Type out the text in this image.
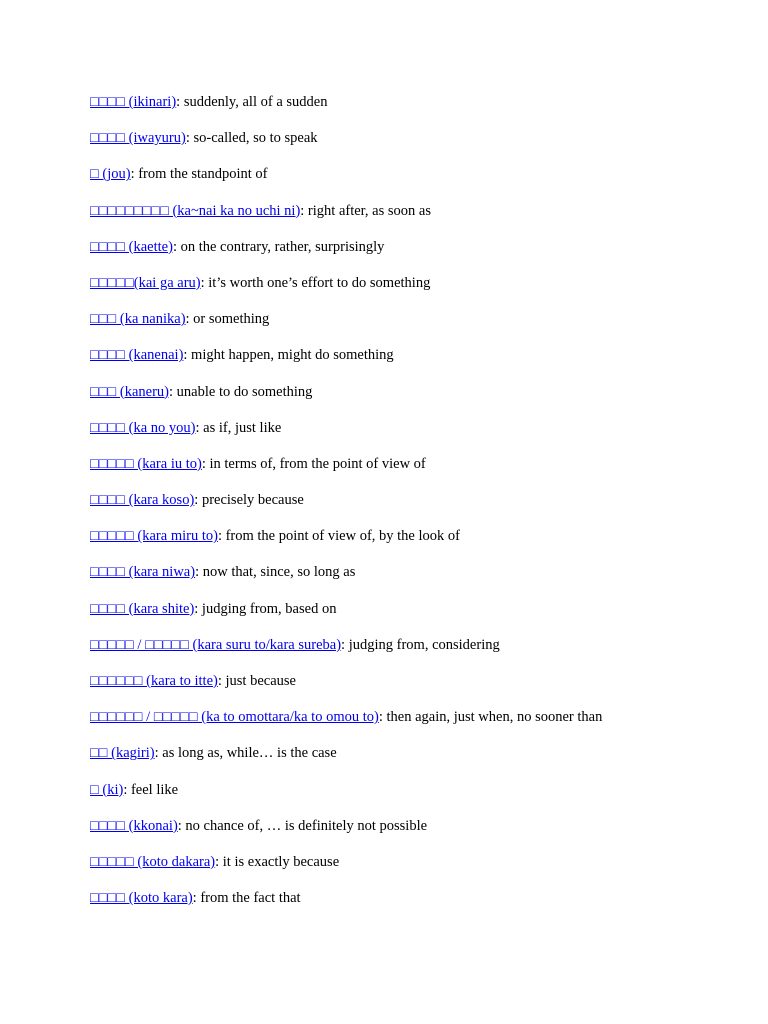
□□□□ (ikinari): suddenly, all of a sudden
□□□□ (iwayuru): so-called, so to speak
□ (jou): from the standpoint of
□□□□□□□□□ (ka~nai ka no uchi ni): right after, as soon as
□□□□ (kaette): on the contrary, rather, surprisingly
□□□□□(kai ga aru): it’s worth one’s effort to do something
□□□ (ka nanika): or something
□□□□ (kanenai): might happen, might do something
□□□ (kaneru): unable to do something
□□□□ (ka no you): as if, just like
□□□□□ (kara iu to): in terms of, from the point of view of
□□□□ (kara koso): precisely because
□□□□□ (kara miru to): from the point of view of, by the look of
□□□□ (kara niwa): now that, since, so long as
□□□□ (kara shite): judging from, based on
□□□□□ / □□□□□ (kara suru to/kara sureba): judging from, considering
□□□□□□ (kara to itte): just because
□□□□□□ / □□□□□ (ka to omottara/ka to omou to): then again, just when, no sooner than
□□ (kagiri): as long as, while… is the case
□ (ki): feel like
□□□□ (kkonai): no chance of, … is definitely not possible
□□□□□ (koto dakara): it is exactly because
□□□□ (koto kara): from the fact that
